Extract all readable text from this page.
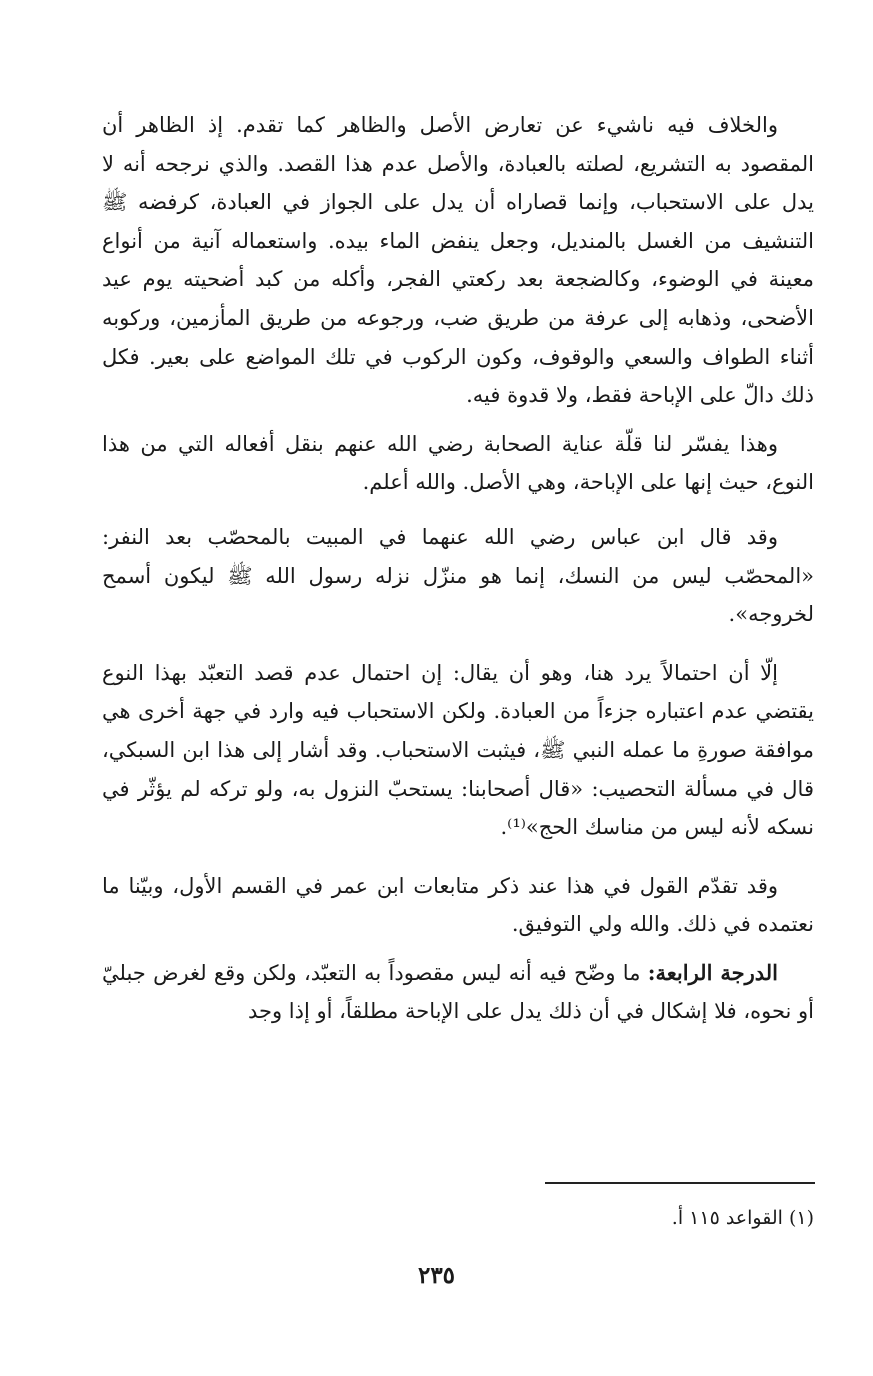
والخلاف فيه ناشيء عن تعارض الأصل والظاهر كما تقدم. إذ الظاهر أن المقصود به التشريع، لصلته بالعبادة، والأصل عدم هذا القصد. والذي نرجحه أنه لا يدل على الاستحباب، وإنما قصاراه أن يدل على الجواز في العبادة، كرفضه ﷺ التنشيف من الغسل بالمنديل، وجعل ينفض الماء بيده. واستعماله آنية من أنواع معينة في الوضوء، وكالضجعة بعد ركعتي الفجر، وأكله من كبد أضحيته يوم عيد الأضحى، وذهابه إلى عرفة من طريق ضب، ورجوعه من طريق المأزمين، وركوبه أثناء الطواف والسعي والوقوف، وكون الركوب في تلك المواضع على بعير. فكل ذلك دالّ على الإباحة فقط، ولا قدوة فيه.

وهذا يفسّر لنا قلّة عناية الصحابة رضي الله عنهم بنقل أفعاله التي من هذا النوع، حيث إنها على الإباحة، وهي الأصل. والله أعلم.

وقد قال ابن عباس رضي الله عنهما في المبيت بالمحصّب بعد النفر: «المحصّب ليس من النسك، إنما هو منزّل نزله رسول الله ﷺ ليكون أسمح لخروجه».

إلّا أن احتمالاً يرد هنا، وهو أن يقال: إن احتمال عدم قصد التعبّد بهذا النوع يقتضي عدم اعتباره جزءاً من العبادة. ولكن الاستحباب فيه وارد في جهة أخرى هي موافقة صورةِ ما عمله النبي ﷺ، فيثبت الاستحباب. وقد أشار إلى هذا ابن السبكي، قال في مسألة التحصيب: «قال أصحابنا: يستحبّ النزول به، ولو تركه لم يؤثّر في نسكه لأنه ليس من مناسك الحج»⁽¹⁾.

وقد تقدّم القول في هذا عند ذكر متابعات ابن عمر في القسم الأول، وبيّنا ما نعتمده في ذلك. والله ولي التوفيق.

الدرجة الرابعة: ما وضّح فيه أنه ليس مقصوداً به التعبّد، ولكن وقع لغرض جبليّ أو نحوه، فلا إشكال في أن ذلك يدل على الإباحة مطلقاً، أو إذا وجد

(١) القواعد ١١٥ أ.
٢٣٥
